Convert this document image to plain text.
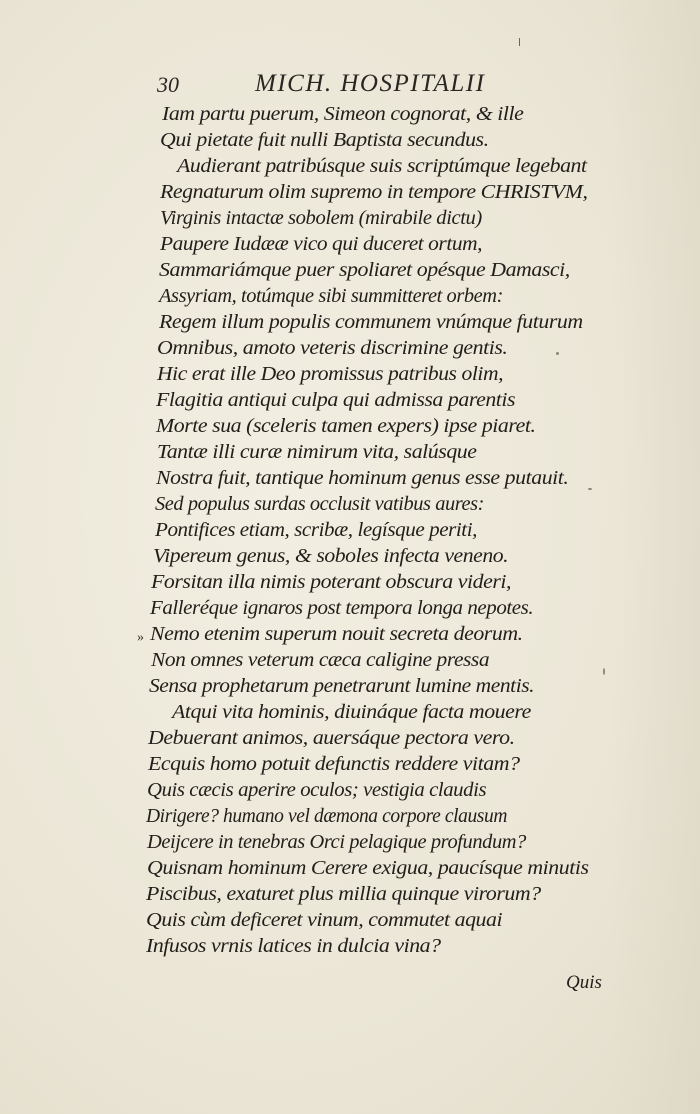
30	MICH. HOSPITALII
Iam partu puerum, Simeon cognorat, & ille
Qui pietate fuit nulli Baptista secundus.
Audierant patribúsque suis scriptúmque legebant
Regnaturum olim supremo in tempore CHRISTVM,
Virginis intactæ sobolem (mirabile dictu)
Paupere Iudææ vico qui duceret ortum,
Sammariámque puer spoliaret opésque Damasci,
Assyriam, totúmque sibi summitteret orbem:
Regem illum populis communem vnúmque futurum
Omnibus, amoto veteris discrimine gentis.
Hic erat ille Deo promissus patribus olim,
Flagitia antiqui culpa qui admissa parentis
Morte sua (sceleris tamen expers) ipse piaret.
Tantæ illi curæ nimirum vita, salúsque
Nostra fuit, tantique hominum genus esse putauit.
Sed populus surdas occlusit vatibus aures:
Pontifices etiam, scribæ, legísque periti,
Vipereum genus, & soboles infecta veneno.
Forsitan illa nimis poterant obscura videri,
Falleréque ignaros post tempora longa nepotes.
Nemo etenim superum nouit secreta deorum.
Non omnes veterum cæca caligine pressa
Sensa prophetarum penetrarunt lumine mentis.
Atqui vita hominis, diuináque facta mouere
Debuerant animos, auersáque pectora vero.
Ecquis homo potuit defunctis reddere vitam?
Quis cæcis aperire oculos; vestigia claudis
Dirigere? humano vel dæmona corpore clausum
Deijcere in tenebras Orci pelagique profundum?
Quisnam hominum Cerere exigua, paucísque minutis
Piscibus, exaturet plus millia quinque virorum?
Quis cùm deficeret vinum, commutet aquai
Infusos vrnis latices in dulcia vina?
»
Quis
